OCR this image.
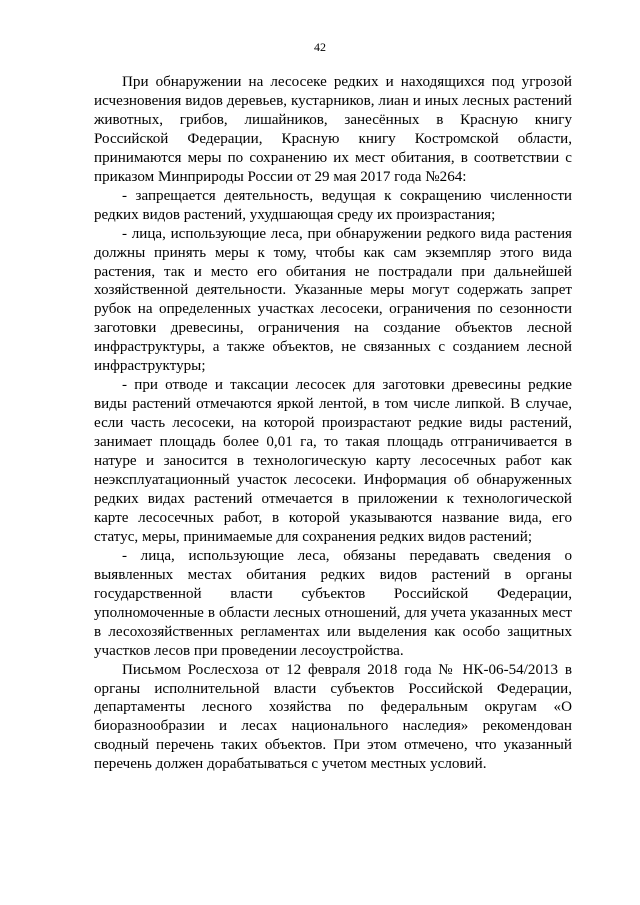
42

При обнаружении на лесосеке редких и находящихся под угрозой исчезновения видов деревьев, кустарников, лиан и иных лесных растений животных, грибов, лишайников, занесённых в Красную книгу Российской Федерации, Красную книгу Костромской области, принимаются меры по сохранению их мест обитания, в соответствии с приказом Минприроды России от 29 мая 2017 года №264:

- запрещается деятельность, ведущая к сокращению численности редких видов растений, ухудшающая среду их произрастания;

- лица, использующие леса, при обнаружении редкого вида растения должны принять меры к тому, чтобы как сам экземпляр этого вида растения, так и место его обитания не пострадали при дальнейшей хозяйственной деятельности. Указанные меры могут содержать запрет рубок на определенных участках лесосеки, ограничения по сезонности заготовки древесины, ограничения на создание объектов лесной инфраструктуры, а также объектов, не связанных с созданием лесной инфраструктуры;

- при отводе и таксации лесосек для заготовки древесины редкие виды растений отмечаются яркой лентой, в том числе липкой. В случае, если часть лесосеки, на которой произрастают редкие виды растений, занимает площадь более 0,01 га, то такая площадь отграничивается в натуре и заносится в технологическую карту лесосечных работ как неэксплуатационный участок лесосеки. Информация об обнаруженных редких видах растений отмечается в приложении к технологической карте лесосечных работ, в которой указываются название вида, его статус, меры, принимаемые для сохранения редких видов растений;

- лица, использующие леса, обязаны передавать сведения о выявленных местах обитания редких видов растений в органы государственной власти субъектов Российской Федерации, уполномоченные в области лесных отношений, для учета указанных мест в лесохозяйственных регламентах или выделения как особо защитных участков лесов при проведении лесоустройства.

Письмом Рослесхоза от 12 февраля 2018 года № НК-06-54/2013 в органы исполнительной власти субъектов Российской Федерации, департаменты лесного хозяйства по федеральным округам «О биоразнообразии и лесах национального наследия» рекомендован сводный перечень таких объектов. При этом отмечено, что указанный перечень должен дорабатываться с учетом местных условий.
